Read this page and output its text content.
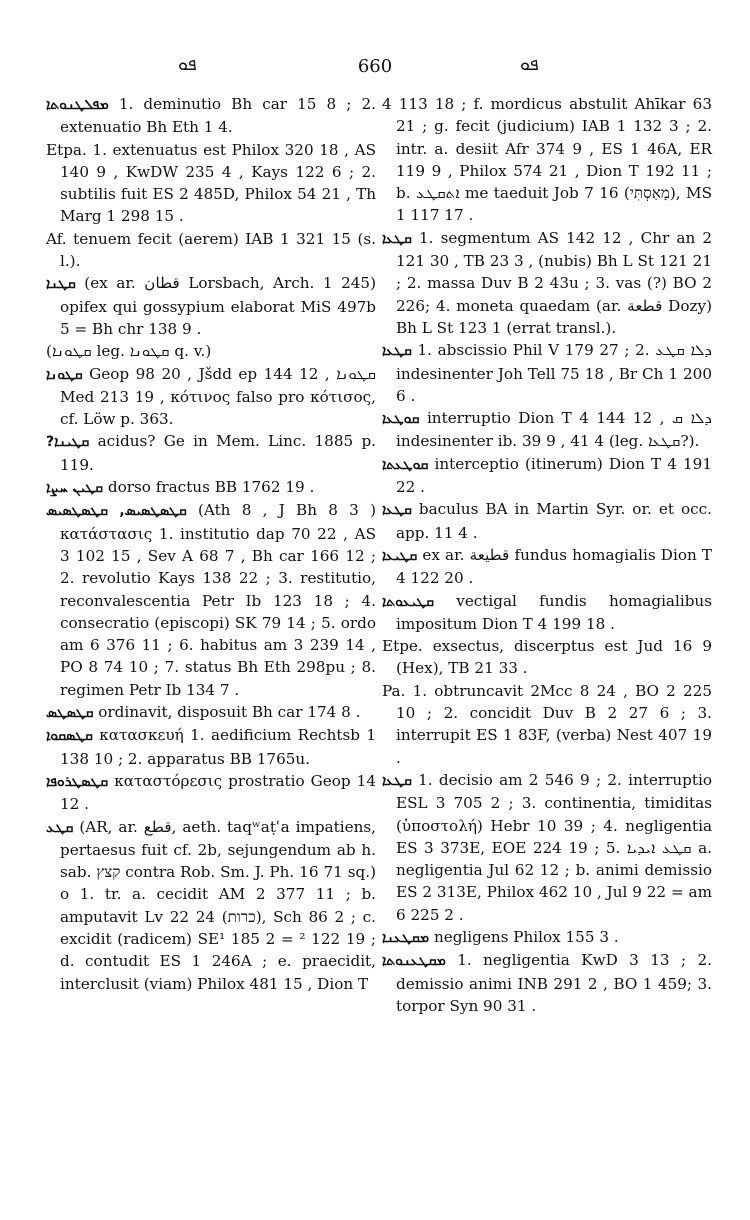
ܦܘ	660	ܦܘ

ܡܦܠܛܢܘܬܐ 1. deminutio Bh car 15 8 ; 2. extenuatio Bh Eth 1 4.

Etpa. 1. extenuatus est Philox 320 18 , AS 140 9 , KwDW 235 4 , Kays 122 6 ; 2. subtilis fuit ES 2 485D, Philox 54 21 , Th Marg 1 298 15 .

Af. tenuem fecit (aerem) IAB 1 321 15 (s. l.).

ܩܛܢܐ (ex ar. قطان Lorsbach, Arch. 1 245) opifex qui gossypium elaborat MiS 497b 5 = Bh chr 138 9 .

(ܩܛܘܢܐ leg. ܩܛܘܢܐ q. v.)

ܩܛܘܢܐ Geop 98 20 , Jšdd ep 144 12 , ܩܛܘܢܐ Med 213 19 , κότινος falso pro κότισος, cf. Löw p. 363.

ܩܛܝܢܐ? acidus? Ge in Mem. Linc. 1885 p. 119.

ܩܛܝܢ ܚܨܐ dorso fractus BB 1762 19 .

ܩܛܣܛܣܝܣ, ܩܛܣܛܣܝܣ (Ath 8 , J Bh 8 3 ) κατάστασις 1. institutio dap 70 22 , AS 3 102 15 , Sev A 68 7 , Bh car 166 12 ; 2. revolutio Kays 138 22 ; 3. restitutio, reconvalescentia Petr Ib 123 18 ; 4. consecratio (episcopi) SK 79 14 ; 5. ordo am 6 376 11 ; 6. habitus am 3 239 14 , PO 8 74 10 ; 7. status Bh Eth 298pu ; 8. regimen Petr Ib 134 7 .

ܩܛܣܛܣ ordinavit, disposuit Bh car 174 8 .

ܩܛܣܩܘܐ κατασκευή 1. aedificium Rechtsb 1 138 10 ; 2. apparatus BB 1765u.

ܩܛܣܛܪܘܦܐ καταστόρεσις prostratio Geop 14 12 .

ܩܛܥ (AR, ar. قطع, aeth. taqʷaṭʿa impatiens, pertaesus fuit cf. 2b, sejungendum ab h. sab. קצץ contra Rob. Sm. J. Ph. 16 71 sq.) o 1. tr. a. cecidit AM 2 377 11 ; b. amputavit Lv 22 24 (כרות), Sch 86 2 ; c. excidit (radicem) SE¹ 185 2 = ² 122 19 ; d. contudit ES 1 246A ; e. praecidit, interclusit (viam) Philox 481 15 , Dion T

4 113 18 ; f. mordicus abstulit Ahīkar 63 21 ; g. fecit (judicium) IAB 1 132 3 ; 2. intr. a. desiit Afr 374 9 , ES 1 46A, ER 119 9 , Philox 574 21 , Dion T 192 11 ; b. ܐܬܩܛܥ me taeduit Job 7 16 (מָאַסְתִּי), MS 1 117 17 .

ܩܛܥܐ 1. segmentum AS 142 12 , Chr an 2 121 30 , TB 23 3 , (nubis) Bh L St 121 21 ; 2. massa Duv B 2 43u ; 3. vas (?) BO 2 226; 4. moneta quaedam (ar. قطعة Dozy) Bh L St 123 1 (errat transl.).

ܩܛܥܐ 1. abscissio Phil V 179 27 ; 2. ܕܠܐ ܩܛܥ indesinenter Joh Tell 75 18 , Br Ch 1 200 6 .

ܩܘܛܥܐ interruptio Dion T 4 144 12 , ܕܠܐ ܩ indesinenter ib. 39 9 , 41 4 (leg. ܩܛܥܐ?).

ܩܘܛܥܬܐ interceptio (itinerum) Dion T 4 191 22 .

ܩܛܥܐ baculus BA in Martin Syr. or. et occ. app. 11 4 .

ܩܛܝܥܐ ex ar. قطيعة fundus homagialis Dion T 4 122 20 .

ܩܛܝܥܘܬܐ vectigal fundis homagialibus impositum Dion T 4 199 18 .

Etpe. exsectus, discerptus est Jud 16 9 (Hex), TB 21 33 .

Pa. 1. obtruncavit 2Mcc 8 24 , BO 2 225 10 ; 2. concidit Duv B 2 27 6 ; 3. interrupit ES 1 83F, (verba) Nest 407 19 .

ܩܛܥܐ 1. decisio am 2 546 9 ; 2. interruptio ESL 3 705 2 ; 3. continentia, timiditas (ὑποστολή) Hebr 10 39 ; 4. negligentia ES 3 373E, EOE 224 19 ; 5. ܩܛܥ ܐܝܕܝܐ a. negligentia Jul 62 12 ; b. animi demissio ES 2 313E, Philox 462 10 , Jul 9 22 = am 6 225 2 .

ܡܩܛܥܢܐ negligens Philox 155 3 .

ܡܩܛܥܢܘܬܐ 1. negligentia KwD 3 13 ; 2. demissio animi INB 291 2 , BO 1 459; 3. torpor Syn 90 31 .
